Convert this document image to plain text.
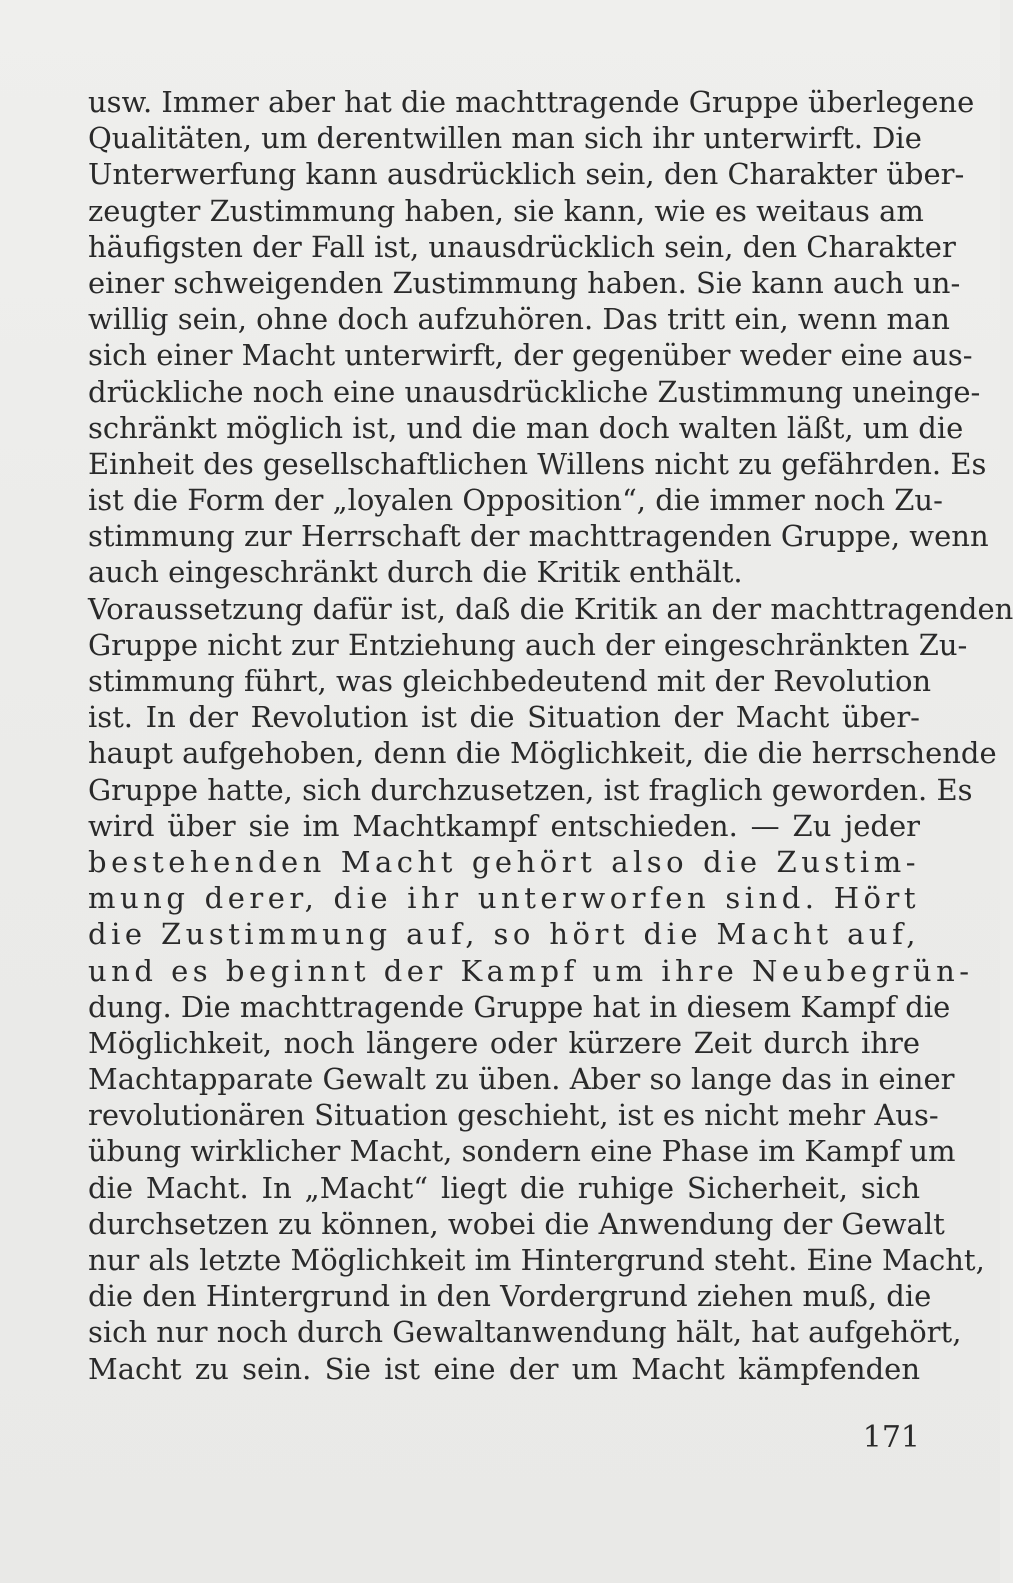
usw. Immer aber hat die machttragende Gruppe überlegene
Qualitäten, um derentwillen man sich ihr unterwirft. Die
Unterwerfung kann ausdrücklich sein, den Charakter über-
zeugter Zustimmung haben, sie kann, wie es weitaus am
häufigsten der Fall ist, unausdrücklich sein, den Charakter
einer schweigenden Zustimmung haben. Sie kann auch un-
willig sein, ohne doch aufzuhören. Das tritt ein, wenn man
sich einer Macht unterwirft, der gegenüber weder eine aus-
drückliche noch eine unausdrückliche Zustimmung uneinge-
schränkt möglich ist, und die man doch walten läßt, um die
Einheit des gesellschaftlichen Willens nicht zu gefährden. Es
ist die Form der „loyalen Opposition“, die immer noch Zu-
stimmung zur Herrschaft der machttragenden Gruppe, wenn
auch eingeschränkt durch die Kritik enthält.
Voraussetzung dafür ist, daß die Kritik an der machttragenden
Gruppe nicht zur Entziehung auch der eingeschränkten Zu-
stimmung führt, was gleichbedeutend mit der Revolution
ist. In der Revolution ist die Situation der Macht über-
haupt aufgehoben, denn die Möglichkeit, die die herrschende
Gruppe hatte, sich durchzusetzen, ist fraglich geworden. Es
wird über sie im Machtkampf entschieden. — Zu jeder
bestehenden Macht gehört also die Zustim-
mung derer, die ihr unterworfen sind. Hört
die Zustimmung auf, so hört die Macht auf,
und es beginnt der Kampf um ihre Neubegrün-
dung. Die machttragende Gruppe hat in diesem Kampf die
Möglichkeit, noch längere oder kürzere Zeit durch ihre
Machtapparate Gewalt zu üben. Aber so lange das in einer
revolutionären Situation geschieht, ist es nicht mehr Aus-
übung wirklicher Macht, sondern eine Phase im Kampf um
die Macht. In „Macht“ liegt die ruhige Sicherheit, sich
durchsetzen zu können, wobei die Anwendung der Gewalt
nur als letzte Möglichkeit im Hintergrund steht. Eine Macht,
die den Hintergrund in den Vordergrund ziehen muß, die
sich nur noch durch Gewaltanwendung hält, hat aufgehört,
Macht zu sein. Sie ist eine der um Macht kämpfenden
171
